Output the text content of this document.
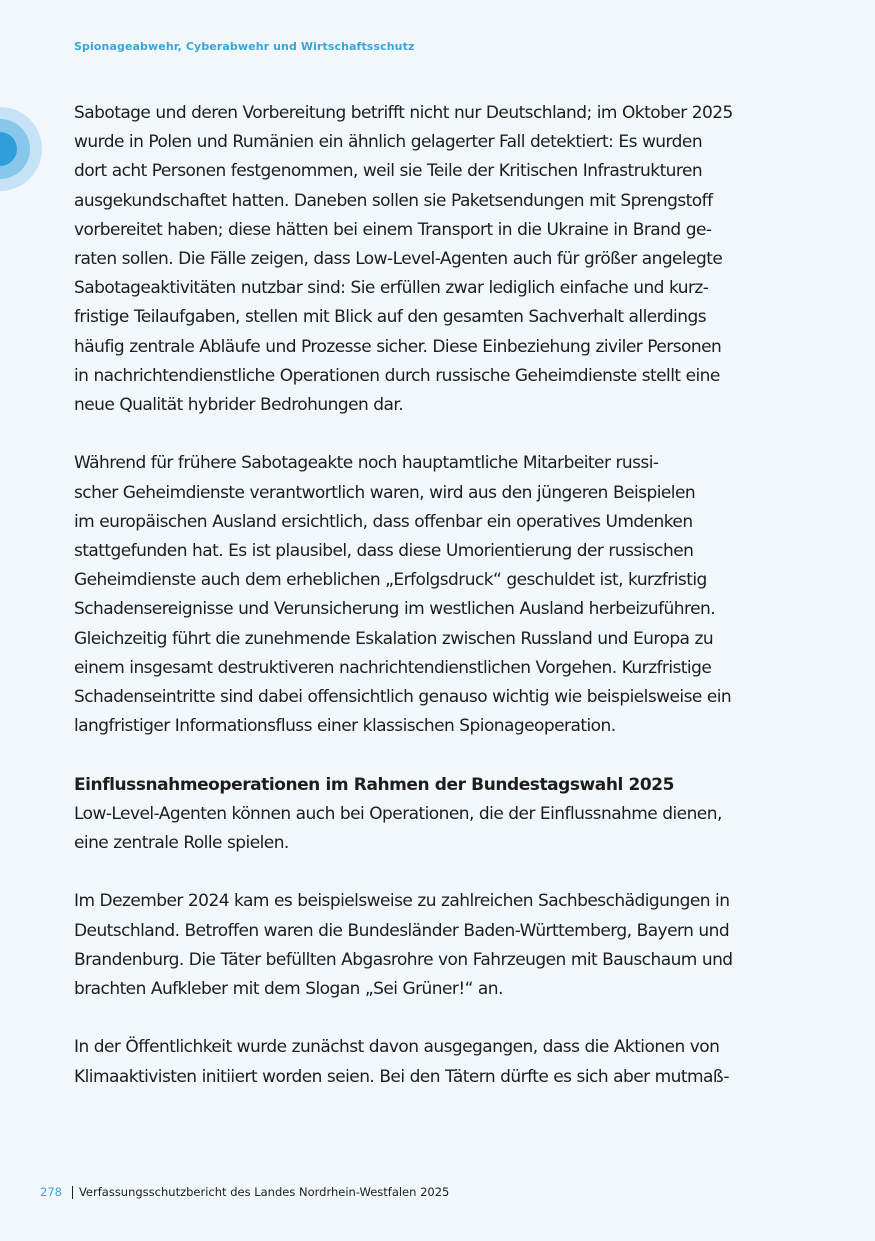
Spionageabwehr, Cyberabwehr und Wirtschaftsschutz

Sabotage und deren Vorbereitung betrifft nicht nur Deutschland; im Oktober 2025
wurde in Polen und Rumänien ein ähnlich gelagerter Fall detektiert: Es wurden
dort acht Personen festgenommen, weil sie Teile der Kritischen Infrastrukturen
ausgekundschaftet hatten. Daneben sollen sie Paketsendungen mit Sprengstoff
vorbereitet haben; diese hätten bei einem Transport in die Ukraine in Brand ge-
raten sollen. Die Fälle zeigen, dass Low-Level-Agenten auch für größer angelegte
Sabotageaktivitäten nutzbar sind: Sie erfüllen zwar lediglich einfache und kurz-
fristige Teilaufgaben, stellen mit Blick auf den gesamten Sachverhalt allerdings
häufig zentrale Abläufe und Prozesse sicher. Diese Einbeziehung ziviler Personen
in nachrichtendienstliche Operationen durch russische Geheimdienste stellt eine
neue Qualität hybrider Bedrohungen dar.

Während für frühere Sabotageakte noch hauptamtliche Mitarbeiter russi-
scher Geheimdienste verantwortlich waren, wird aus den jüngeren Beispielen
im europäischen Ausland ersichtlich, dass offenbar ein operatives Umdenken
stattgefunden hat. Es ist plausibel, dass diese Umorientierung der russischen
Geheimdienste auch dem erheblichen „Erfolgsdruck“ geschuldet ist, kurzfristig
Schadensereignisse und Verunsicherung im westlichen Ausland herbeizuführen.
Gleichzeitig führt die zunehmende Eskalation zwischen Russland und Europa zu
einem insgesamt destruktiveren nachrichtendienstlichen Vorgehen. Kurzfristige
Schadenseintritte sind dabei offensichtlich genauso wichtig wie beispielsweise ein
langfristiger Informationsfluss einer klassischen Spionageoperation.

Einflussnahmeoperationen im Rahmen der Bundestagswahl 2025

Low-Level-Agenten können auch bei Operationen, die der Einflussnahme dienen,
eine zentrale Rolle spielen.

Im Dezember 2024 kam es beispielsweise zu zahlreichen Sachbeschädigungen in
Deutschland. Betroffen waren die Bundesländer Baden-Württemberg, Bayern und
Brandenburg. Die Täter befüllten Abgasrohre von Fahrzeugen mit Bauschaum und
brachten Aufkleber mit dem Slogan „Sei Grüner!“ an.

In der Öffentlichkeit wurde zunächst davon ausgegangen, dass die Aktionen von
Klimaaktivisten initiiert worden seien. Bei den Tätern dürfte es sich aber mutmaß-

278 Verfassungsschutzbericht des Landes Nordrhein-Westfalen 2025
